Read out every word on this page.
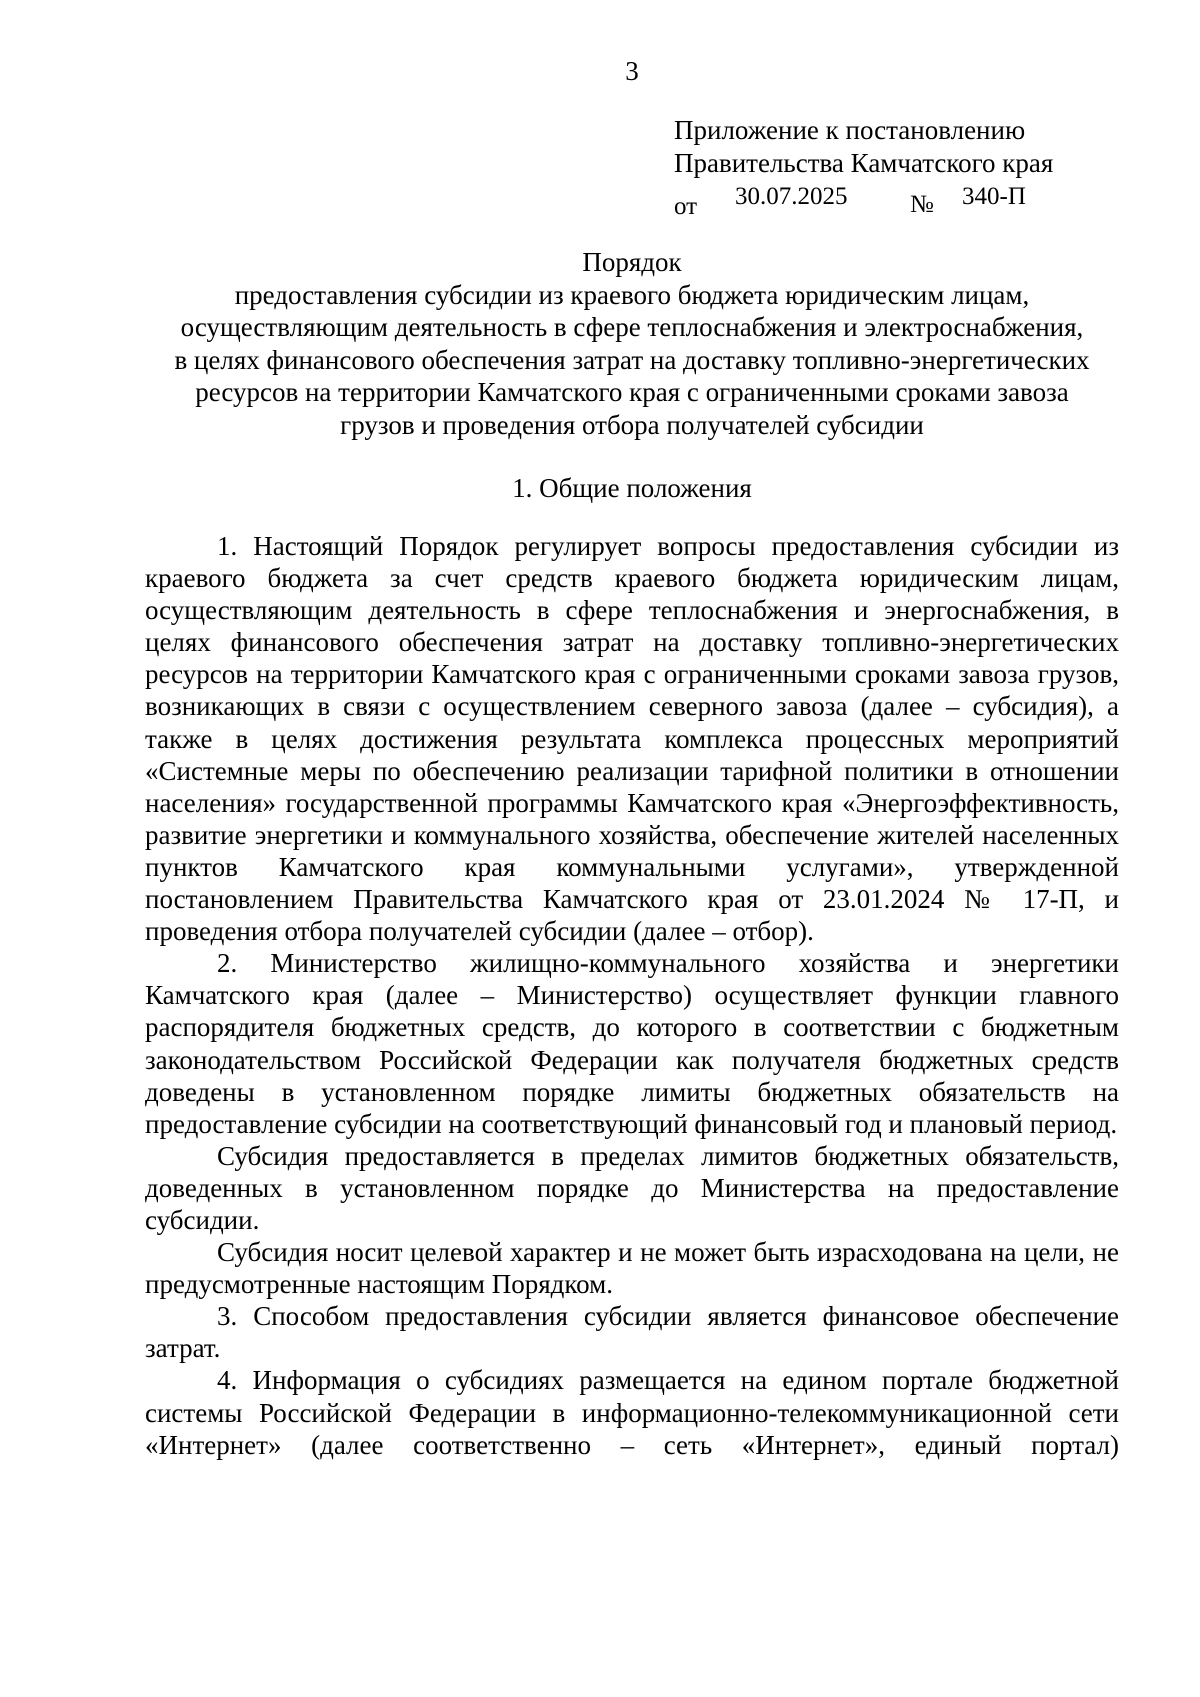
3
Приложение к постановлению
Правительства Камчатского края
от 30.07.2025	№ 340-П
Порядок
предоставления субсидии из краевого бюджета юридическим лицам,
осуществляющим деятельность в сфере теплоснабжения и электроснабжения,
в целях финансового обеспечения затрат на доставку топливно-энергетических
ресурсов на территории Камчатского края с ограниченными сроками завоза
грузов и проведения отбора получателей субсидии
1. Общие положения

1. Настоящий Порядок регулирует вопросы предоставления субсидии из краевого бюджета за счет средств краевого бюджета юридическим лицам, осуществляющим деятельность в сфере теплоснабжения и энергоснабжения, в целях финансового обеспечения затрат на доставку топливно-энергетических ресурсов на территории Камчатского края с ограниченными сроками завоза грузов, возникающих в связи с осуществлением северного завоза (далее – субсидия), а также в целях достижения результата комплекса процессных мероприятий «Системные меры по обеспечению реализации тарифной политики в отношении населения» государственной программы Камчатского края «Энергоэффективность, развитие энергетики и коммунального хозяйства, обеспечение жителей населенных пунктов Камчатского края коммунальными услугами», утвержденной постановлением Правительства Камчатского края от 23.01.2024 № 17-П, и проведения отбора получателей субсидии (далее – отбор).

2. Министерство жилищно-коммунального хозяйства и энергетики Камчатского края (далее – Министерство) осуществляет функции главного распорядителя бюджетных средств, до которого в соответствии с бюджетным законодательством Российской Федерации как получателя бюджетных средств доведены в установленном порядке лимиты бюджетных обязательств на предоставление субсидии на соответствующий финансовый год и плановый период.

Субсидия предоставляется в пределах лимитов бюджетных обязательств, доведенных в установленном порядке до Министерства на предоставление субсидии.

Субсидия носит целевой характер и не может быть израсходована на цели, не предусмотренные настоящим Порядком.

3. Способом предоставления субсидии является финансовое обеспечение затрат.

4. Информация о субсидиях размещается на едином портале бюджетной системы Российской Федерации в информационно-телекоммуникационной сети «Интернет» (далее соответственно – сеть «Интернет», единый портал)
